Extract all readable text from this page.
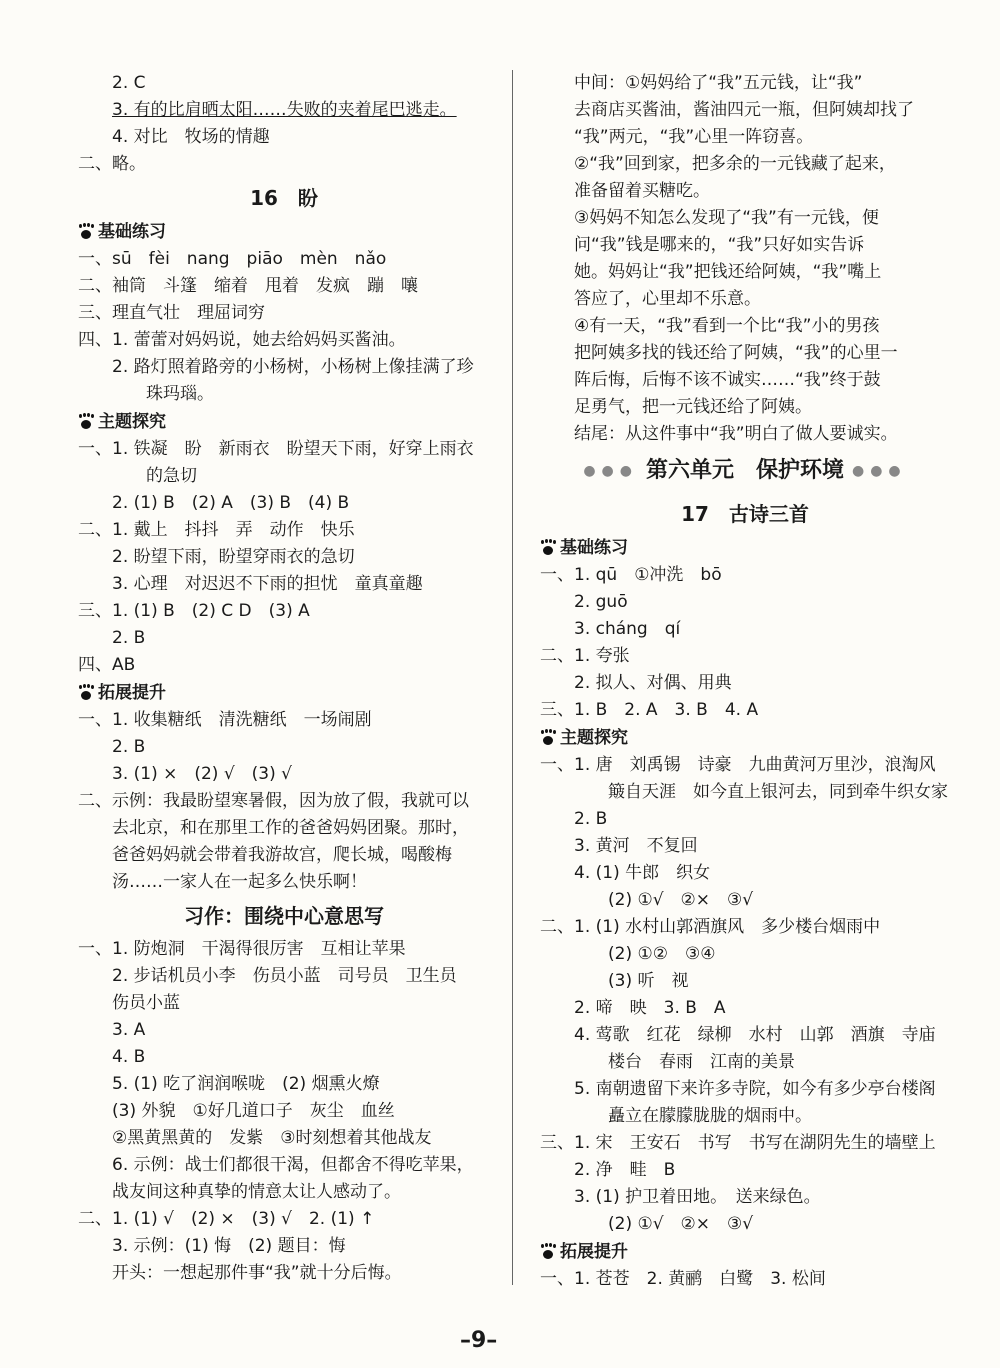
2. C
3. 有的比肩晒太阳……失败的夹着尾巴逃走。
4. 对比　牧场的情趣
二、略。
16　盼
基础练习
一、sū　fèi　nang　piāo　mèn　nǎo
二、袖筒　斗篷　缩着　甩着　发疯　蹦　嚷
三、理直气壮　理屈词穷
四、1. 蕾蕾对妈妈说，她去给妈妈买酱油。
2. 路灯照着路旁的小杨树，小杨树上像挂满了珍
珠玛瑙。
主题探究
一、1. 铁凝　盼　新雨衣　盼望天下雨，好穿上雨衣
的急切
2. (1) B　(2) A　(3) B　(4) B
二、1. 戴上　抖抖　弄　动作　快乐
2. 盼望下雨，盼望穿雨衣的急切
3. 心理　对迟迟不下雨的担忧　童真童趣
三、1. (1) B　(2) C D　(3) A
2. B
四、AB
拓展提升
一、1. 收集糖纸　清洗糖纸　一场闹剧
2. B
3. (1) ×　(2) √　(3) √
二、示例：我最盼望寒暑假，因为放了假，我就可以
去北京，和在那里工作的爸爸妈妈团聚。那时，
爸爸妈妈就会带着我游故宫，爬长城，喝酸梅
汤……一家人在一起多么快乐啊！
习作：围绕中心意思写
一、1. 防炮洞　干渴得很厉害　互相让苹果
2. 步话机员小李　伤员小蓝　司号员　卫生员
伤员小蓝
3. A
4. B
5. (1) 吃了润润喉咙　(2) 烟熏火燎
(3) 外貌　①好几道口子　灰尘　血丝
②黑黄黑黄的　发紫　③时刻想着其他战友
6. 示例：战士们都很干渴，但都舍不得吃苹果，
战友间这种真挚的情意太让人感动了。
二、1. (1) √　(2) ×　(3) √　2. (1) ↑
3. 示例：(1) 悔　(2) 题目：悔
开头：一想起那件事“我”就十分后悔。
中间：①妈妈给了“我”五元钱，让“我”
去商店买酱油，酱油四元一瓶，但阿姨却找了
“我”两元，“我”心里一阵窃喜。
②“我”回到家，把多余的一元钱藏了起来，
准备留着买糖吃。
③妈妈不知怎么发现了“我”有一元钱，便
问“我”钱是哪来的，“我”只好如实告诉
她。妈妈让“我”把钱还给阿姨，“我”嘴上
答应了，心里却不乐意。
④有一天，“我”看到一个比“我”小的男孩
把阿姨多找的钱还给了阿姨，“我”的心里一
阵后悔，后悔不该不诚实……“我”终于鼓
足勇气，把一元钱还给了阿姨。
结尾：从这件事中“我”明白了做人要诚实。
●●● 第六单元　保护环境 ●●●
17　古诗三首
基础练习
一、1. qū　①冲洗　bō
2. guō
3. cháng　qí
二、1. 夸张
2. 拟人、对偶、用典
三、1. B　2. A　3. B　4. A
主题探究
一、1. 唐　刘禹锡　诗豪　九曲黄河万里沙，浪淘风
簸自天涯　如今直上银河去，同到牵牛织女家
2. B
3. 黄河　不复回
4. (1) 牛郎　织女
(2) ①√　②×　③√
二、1. (1) 水村山郭酒旗风　多少楼台烟雨中
(2) ①②　③④
(3) 听　视
2. 啼　映　3. B　A
4. 莺歌　红花　绿柳　水村　山郭　酒旗　寺庙
楼台　春雨　江南的美景
5. 南朝遗留下来许多寺院，如今有多少亭台楼阁
矗立在朦朦胧胧的烟雨中。
三、1. 宋　王安石　书写　书写在湖阴先生的墙壁上
2. 净　畦　B
3. (1) 护卫着田地。　送来绿色。
(2) ①√　②×　③√
拓展提升
一、1. 苍苍　2. 黄鹂　白鹭　3. 松间
–9–
